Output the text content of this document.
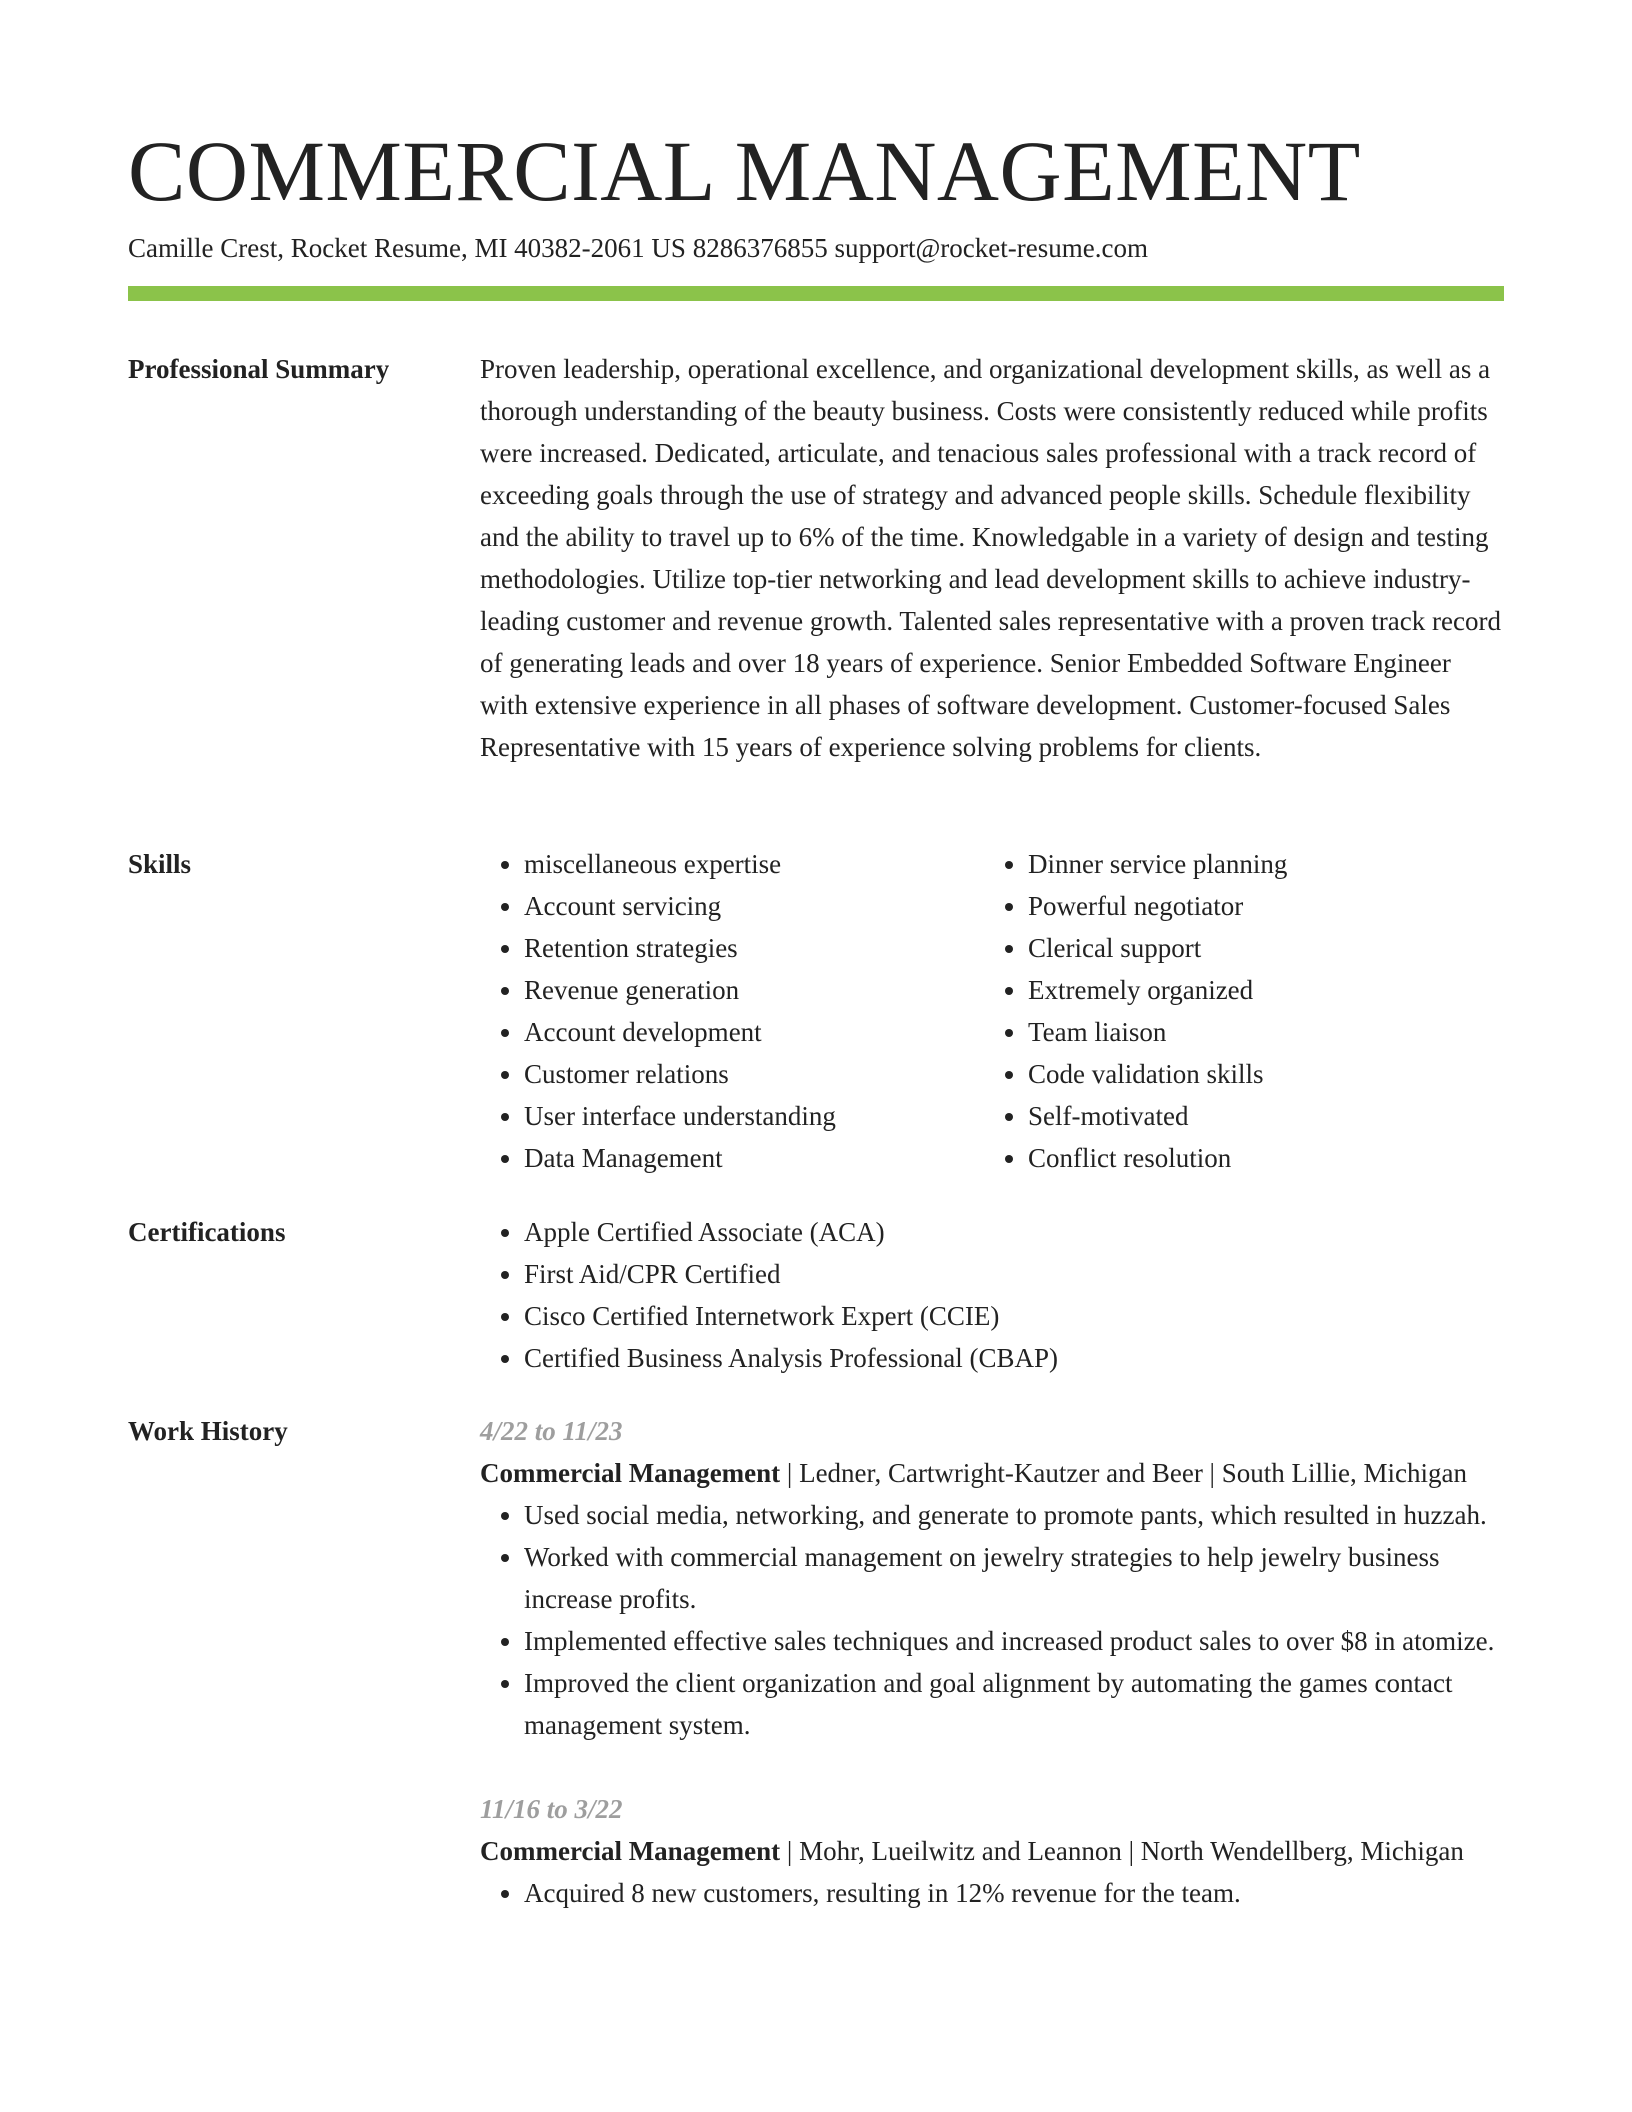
COMMERCIAL MANAGEMENT
Camille Crest, Rocket Resume, MI 40382-2061 US 8286376855 support@rocket-resume.com
Professional Summary	Proven leadership, operational excellence, and organizational development skills, as well as a thorough understanding of the beauty business. Costs were consistently reduced while profits were increased. Dedicated, articulate, and tenacious sales professional with a track record of exceeding goals through the use of strategy and advanced people skills. Schedule flexibility and the ability to travel up to 6% of the time. Knowledgable in a variety of design and testing methodologies. Utilize top-tier networking and lead development skills to achieve industry-leading customer and revenue growth. Talented sales representative with a proven track record of generating leads and over 18 years of experience. Senior Embedded Software Engineer with extensive experience in all phases of software development. Customer-focused Sales Representative with 15 years of experience solving problems for clients.

Skills	• miscellaneous expertise
• Account servicing
• Retention strategies
• Revenue generation
• Account development
• Customer relations
• User interface understanding
• Data Management
• Dinner service planning
• Powerful negotiator
• Clerical support
• Extremely organized
• Team liaison
• Code validation skills
• Self-motivated
• Conflict resolution
Certifications	• Apple Certified Associate (ACA)
• First Aid/CPR Certified
• Cisco Certified Internetwork Expert (CCIE)
• Certified Business Analysis Professional (CBAP)
Work History	4/22 to 11/23

Commercial Management | Ledner, Cartwright-Kautzer and Beer | South Lillie, Michigan

• Used social media, networking, and generate to promote pants, which resulted in huzzah.
• Worked with commercial management on jewelry strategies to help jewelry business increase profits.
• Implemented effective sales techniques and increased product sales to over $8 in atomize.
• Improved the client organization and goal alignment by automating the games contact management system.
11/16 to 3/22

Commercial Management | Mohr, Lueilwitz and Leannon | North Wendellberg, Michigan

• Acquired 8 new customers, resulting in 12% revenue for the team.
